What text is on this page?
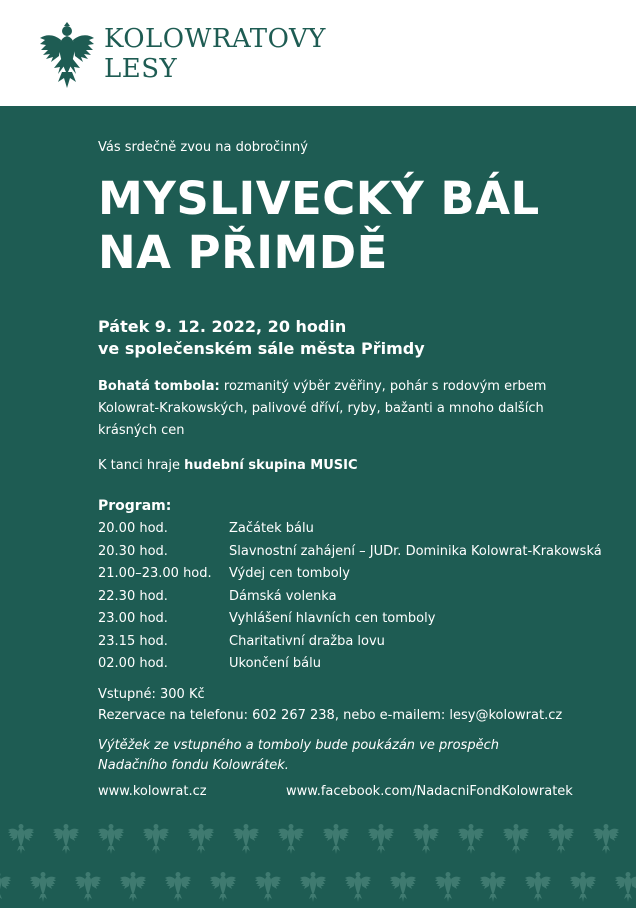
KOLOWRATOVY
LESY
Vás srdečně zvou na dobročinný
MYSLIVECKÝ BÁL
NA PŘIMDĚ
Pátek 9. 12. 2022, 20 hodin
ve společenském sále města Přimdy
Bohatá tombola: rozmanitý výběr zvěřiny, pohár s rodovým erbem Kolowrat-Krakowských, palivové dříví, ryby, bažanti a mnoho dalších krásných cen
K tanci hraje hudební skupina MUSIC
Program:
20.00 hod.	Začátek bálu
20.30 hod.	Slavnostní zahájení – JUDr. Dominika Kolowrat-Krakowská
21.00–23.00 hod.	Výdej cen tomboly
22.30 hod.	Dámská volenka
23.00 hod.	Vyhlášení hlavních cen tomboly
23.15 hod.	Charitativní dražba lovu
02.00 hod.	Ukončení bálu
Vstupné: 300 Kč
Rezervace na telefonu: 602 267 238, nebo e-mailem: lesy@kolowrat.cz
Výtěžek ze vstupného a tomboly bude poukázán ve prospěch
Nadačního fondu Kolowrátek.
www.kolowrat.cz	www.facebook.com/NadacniFondKolowratek
